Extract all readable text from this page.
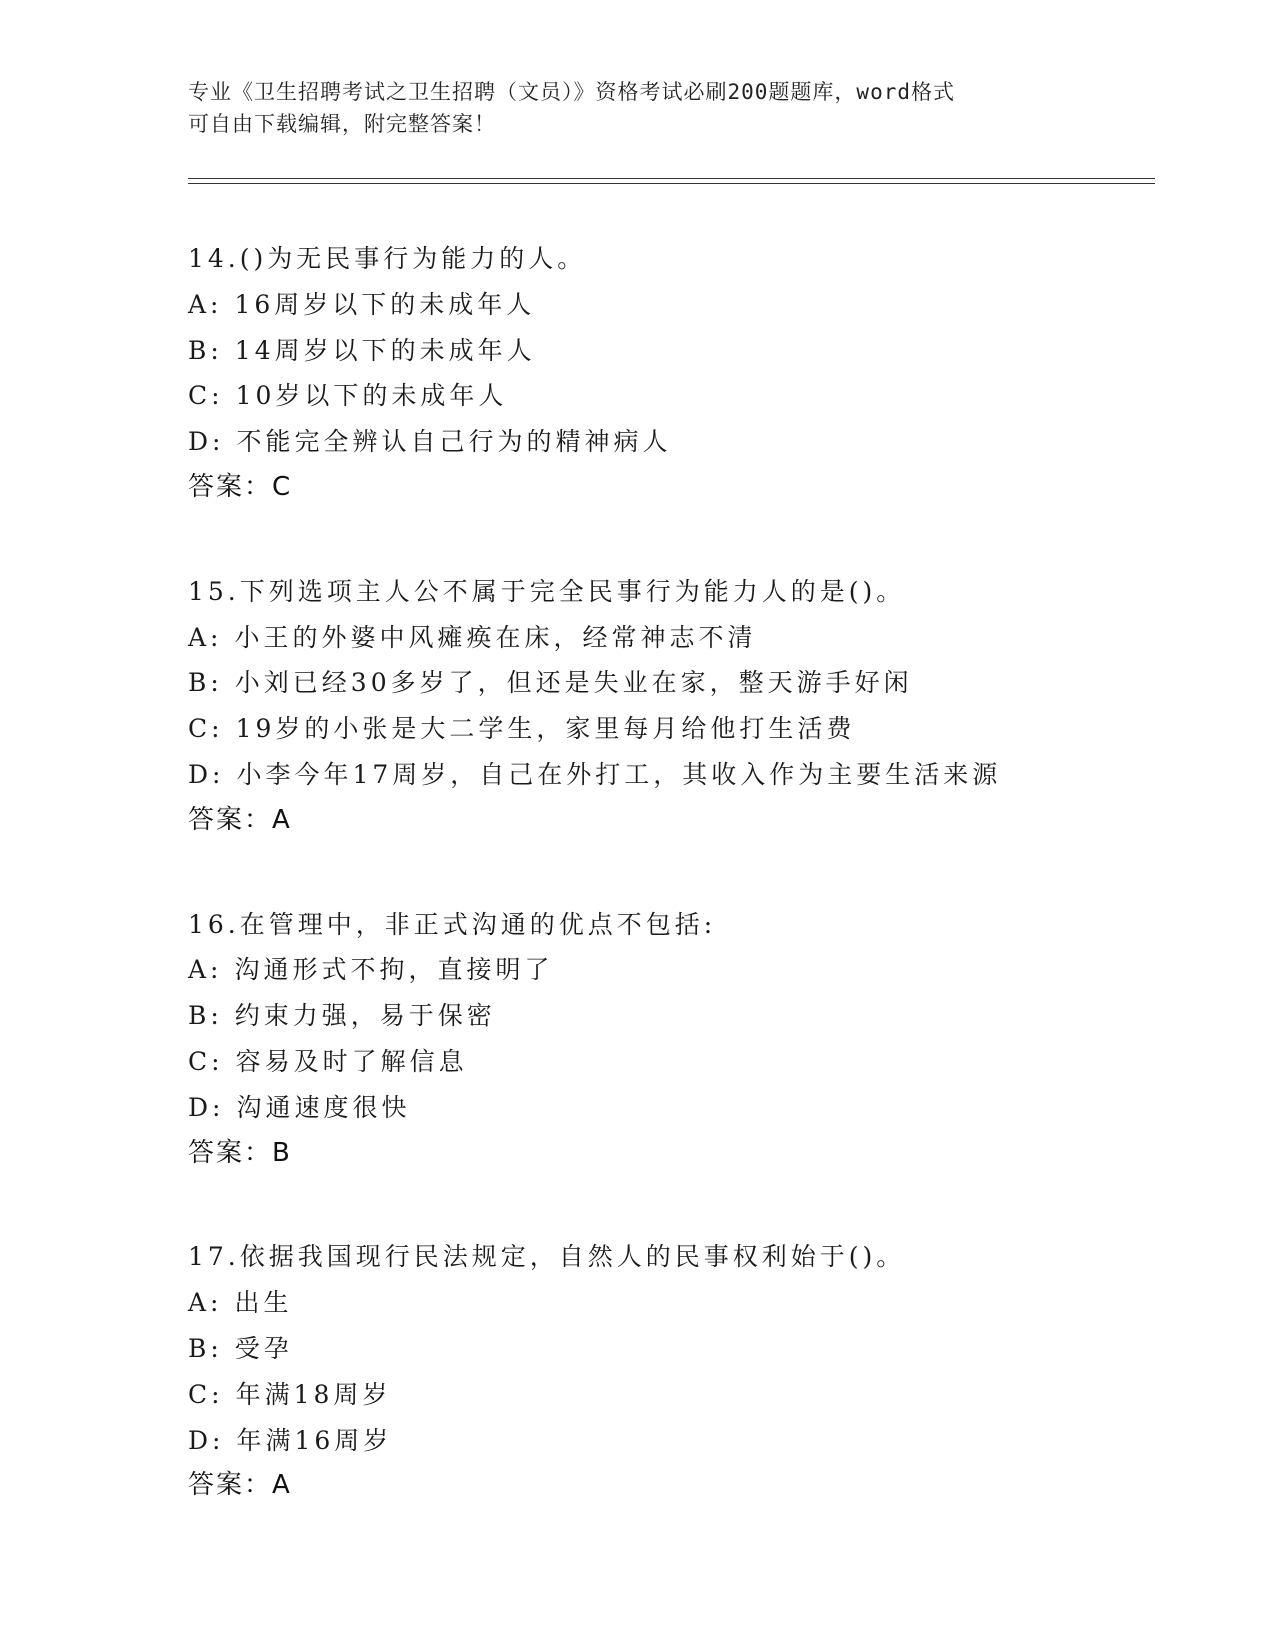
专业《卫生招聘考试之卫生招聘（文员）》资格考试必刷200题题库，word格式
可自由下载编辑，附完整答案！
14.()为无民事行为能力的人。
A: 16周岁以下的未成年人
B: 14周岁以下的未成年人
C: 10岁以下的未成年人
D: 不能完全辨认自己行为的精神病人
答案：C
15.下列选项主人公不属于完全民事行为能力人的是()。
A: 小王的外婆中风瘫痪在床，经常神志不清
B: 小刘已经30多岁了，但还是失业在家，整天游手好闲
C: 19岁的小张是大二学生，家里每月给他打生活费
D: 小李今年17周岁，自己在外打工，其收入作为主要生活来源
答案：A
16.在管理中，非正式沟通的优点不包括:
A: 沟通形式不拘，直接明了
B: 约束力强，易于保密
C: 容易及时了解信息
D: 沟通速度很快
答案：B
17.依据我国现行民法规定，自然人的民事权利始于()。
A: 出生
B: 受孕
C: 年满18周岁
D: 年满16周岁
答案：A
